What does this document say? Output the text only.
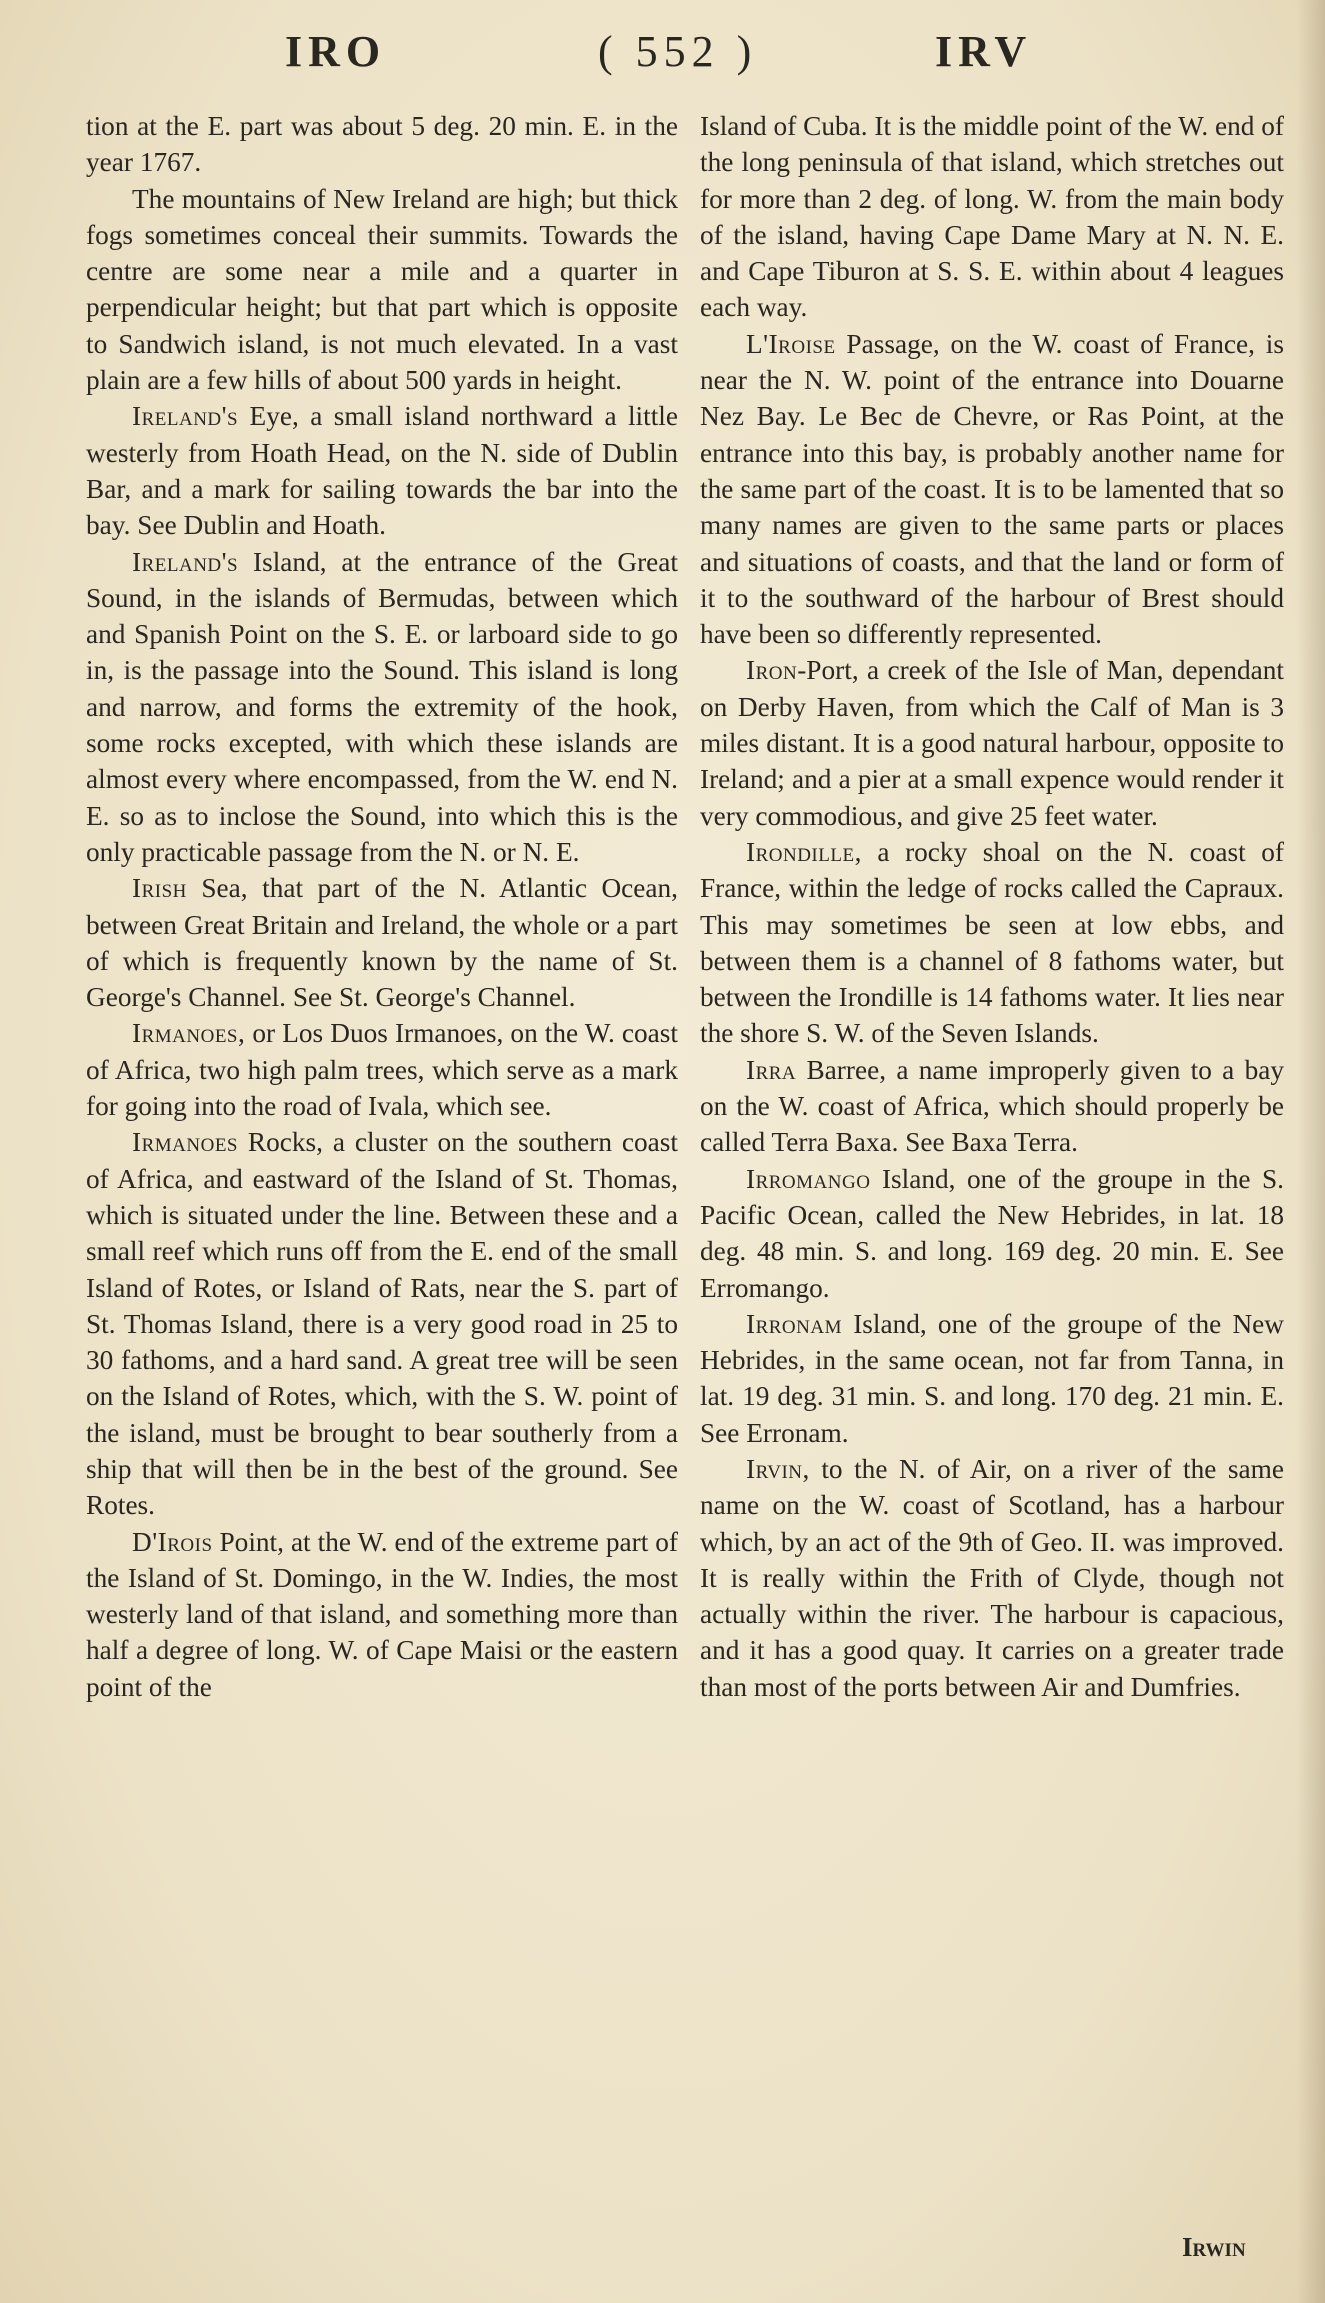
IRO	( 552 )	IRV

tion at the E. part was about 5 deg. 20 min. E. in the year 1767.

The mountains of New Ireland are high; but thick fogs sometimes conceal their summits. Towards the centre are some near a mile and a quarter in perpendicular height; but that part which is opposite to Sandwich island, is not much elevated. In a vast plain are a few hills of about 500 yards in height.

Ireland's Eye, a small island northward a little westerly from Hoath Head, on the N. side of Dublin Bar, and a mark for sailing towards the bar into the bay. See Dublin and Hoath.

Ireland's Island, at the entrance of the Great Sound, in the islands of Bermudas, between which and Spanish Point on the S. E. or larboard side to go in, is the passage into the Sound. This island is long and narrow, and forms the extremity of the hook, some rocks excepted, with which these islands are almost every where encompassed, from the W. end N. E. so as to inclose the Sound, into which this is the only practicable passage from the N. or N. E.

Irish Sea, that part of the N. Atlantic Ocean, between Great Britain and Ireland, the whole or a part of which is frequently known by the name of St. George's Channel. See St. George's Channel.

Irmanoes, or Los Duos Irmanoes, on the W. coast of Africa, two high palm trees, which serve as a mark for going into the road of Ivala, which see.

Irmanoes Rocks, a cluster on the southern coast of Africa, and eastward of the Island of St. Thomas, which is situated under the line. Between these and a small reef which runs off from the E. end of the small Island of Rotes, or Island of Rats, near the S. part of St. Thomas Island, there is a very good road in 25 to 30 fathoms, and a hard sand. A great tree will be seen on the Island of Rotes, which, with the S. W. point of the island, must be brought to bear southerly from a ship that will then be in the best of the ground. See Rotes.

D'Irois Point, at the W. end of the extreme part of the Island of St. Domingo, in the W. Indies, the most westerly land of that island, and something more than half a degree of long. W. of Cape Maisi or the eastern point of the

Island of Cuba. It is the middle point of the W. end of the long peninsula of that island, which stretches out for more than 2 deg. of long. W. from the main body of the island, having Cape Dame Mary at N. N. E. and Cape Tiburon at S. S. E. within about 4 leagues each way.

L'Iroise Passage, on the W. coast of France, is near the N. W. point of the entrance into Douarne Nez Bay. Le Bec de Chevre, or Ras Point, at the entrance into this bay, is probably another name for the same part of the coast. It is to be lamented that so many names are given to the same parts or places and situations of coasts, and that the land or form of it to the southward of the harbour of Brest should have been so differently represented.

Iron-Port, a creek of the Isle of Man, dependant on Derby Haven, from which the Calf of Man is 3 miles distant. It is a good natural harbour, opposite to Ireland; and a pier at a small expence would render it very commodious, and give 25 feet water.

Irondille, a rocky shoal on the N. coast of France, within the ledge of rocks called the Capraux. This may sometimes be seen at low ebbs, and between them is a channel of 8 fathoms water, but between the Irondille is 14 fathoms water. It lies near the shore S. W. of the Seven Islands.

Irra Barree, a name improperly given to a bay on the W. coast of Africa, which should properly be called Terra Baxa. See Baxa Terra.

Irromango Island, one of the groupe in the S. Pacific Ocean, called the New Hebrides, in lat. 18 deg. 48 min. S. and long. 169 deg. 20 min. E. See Erromango.

Irronam Island, one of the groupe of the New Hebrides, in the same ocean, not far from Tanna, in lat. 19 deg. 31 min. S. and long. 170 deg. 21 min. E. See Erronam.

Irvin, to the N. of Air, on a river of the same name on the W. coast of Scotland, has a harbour which, by an act of the 9th of Geo. II. was improved. It is really within the Frith of Clyde, though not actually within the river. The harbour is capacious, and it has a good quay. It carries on a greater trade than most of the ports between Air and Dumfries.

Irwin
